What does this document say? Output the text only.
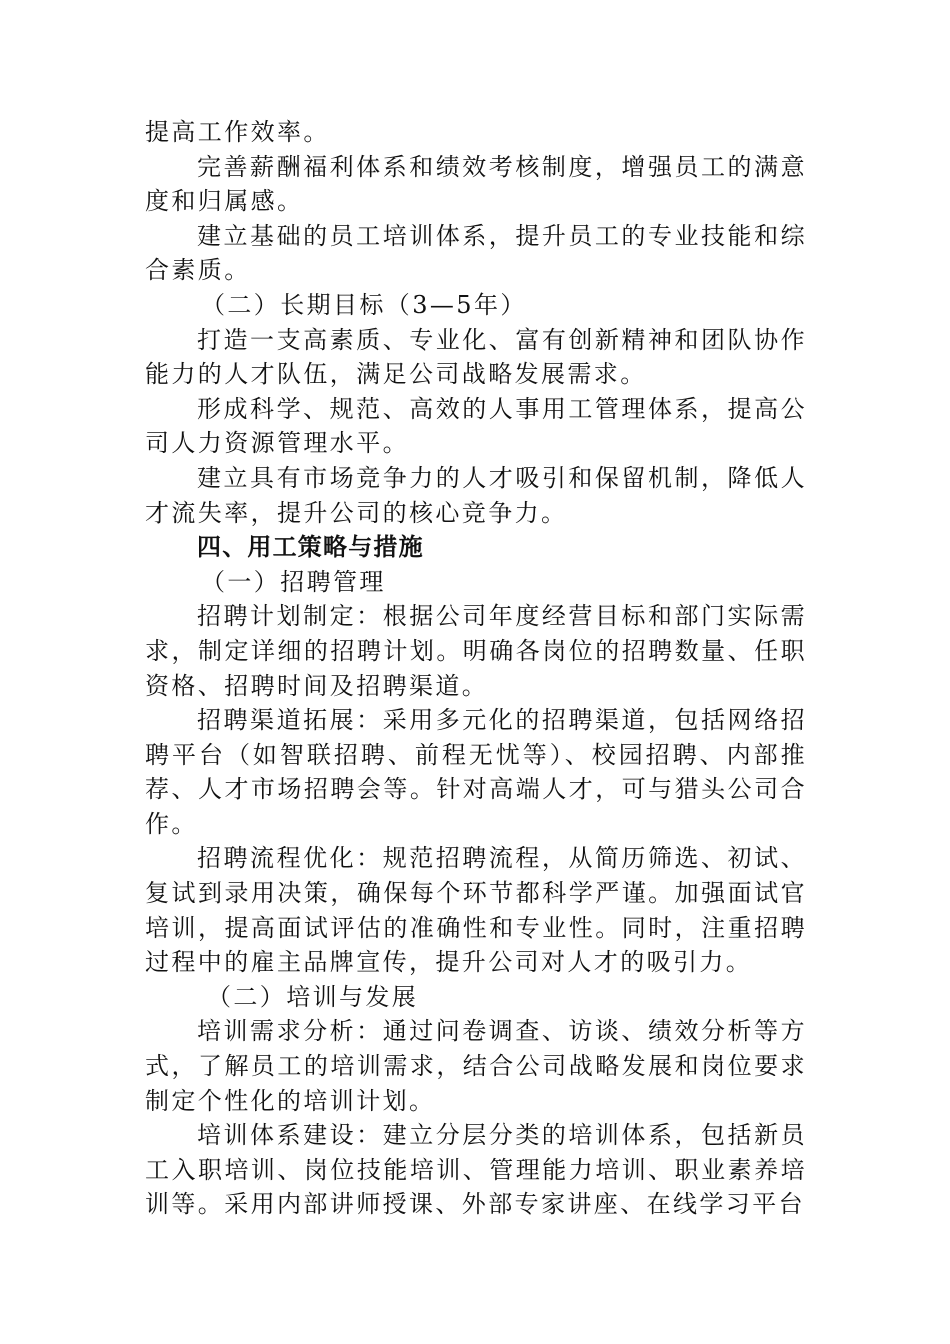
提高工作效率。

完善薪酬福利体系和绩效考核制度，增强员工的满意度和归属感。

建立基础的员工培训体系，提升员工的专业技能和综合素质。

（二）长期目标（3—5年）

打造一支高素质、专业化、富有创新精神和团队协作能力的人才队伍，满足公司战略发展需求。

形成科学、规范、高效的人事用工管理体系，提高公司人力资源管理水平。

建立具有市场竞争力的人才吸引和保留机制，降低人才流失率，提升公司的核心竞争力。

四、用工策略与措施

（一）招聘管理

招聘计划制定：根据公司年度经营目标和部门实际需求，制定详细的招聘计划。明确各岗位的招聘数量、任职资格、招聘时间及招聘渠道。

招聘渠道拓展：采用多元化的招聘渠道，包括网络招聘平台（如智联招聘、前程无忧等）、校园招聘、内部推荐、人才市场招聘会等。针对高端人才，可与猎头公司合作。

招聘流程优化：规范招聘流程，从简历筛选、初试、复试到录用决策，确保每个环节都科学严谨。加强面试官培训，提高面试评估的准确性和专业性。同时，注重招聘过程中的雇主品牌宣传，提升公司对人才的吸引力。

（二）培训与发展

培训需求分析：通过问卷调查、访谈、绩效分析等方式，了解员工的培训需求，结合公司战略发展和岗位要求制定个性化的培训计划。

培训体系建设：建立分层分类的培训体系，包括新员工入职培训、岗位技能培训、管理能力培训、职业素养培训等。采用内部讲师授课、外部专家讲座、在线学习平台
